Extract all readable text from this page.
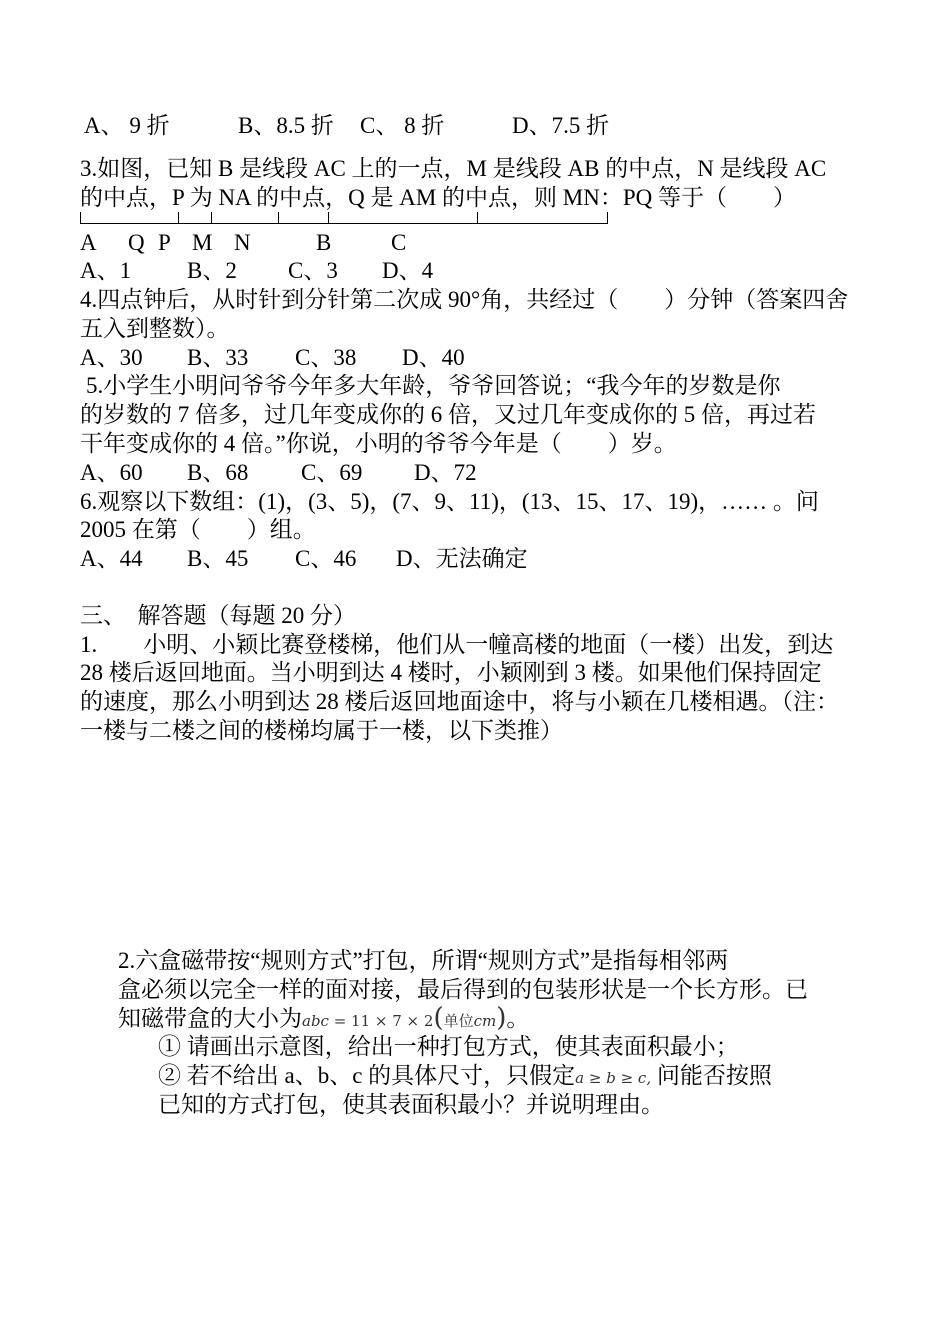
A、 9 折	B、8.5 折 C、 8 折	D、7.5 折
3.如图，已知 B 是线段 AC 上的一点，M 是线段 AB 的中点，N 是线段 AC
的中点，P 为 NA 的中点，Q 是 AM 的中点，则 MN：PQ 等于（　　）
A Q P M N	B	C
A、1 B、2 C、3 D、4
4.四点钟后，从时针到分针第二次成 90°角，共经过（　　）分钟（答案四舍
五入到整数）。
A、30 B、33 C、38 D、40
5.小学生小明问爷爷今年多大年龄，爷爷回答说；“我今年的岁数是你
的岁数的 7 倍多，过几年变成你的 6 倍，又过几年变成你的 5 倍，再过若
干年变成你的 4 倍。”你说，小明的爷爷今年是（　　）岁。
A、60 B、68 C、69 D、72
6.观察以下数组：(1)，(3、5)，(7、9、11)，(13、15、17、19)，…… 。问
2005 在第（　　）组。
A、44 B、45 C、46 D、无法确定
三、　解答题（每题 20 分）
1.　　小明、小颖比赛登楼梯，他们从一幢高楼的地面（一楼）出发，到达
28 楼后返回地面。当小明到达 4 楼时，小颖刚到 3 楼。如果他们保持固定
的速度，那么小明到达 28 楼后返回地面途中，将与小颖在几楼相遇。（注：
一楼与二楼之间的楼梯均属于一楼，以下类推）
2.六盒磁带按“规则方式”打包，所谓“规则方式”是指每相邻两
盒必须以完全一样的面对接，最后得到的包装形状是一个长方形。已
知磁带盒的大小为abc = 11 × 7 × 2(单位cm)。
① 请画出示意图，给出一种打包方式，使其表面积最小；
② 若不给出 a、b、c 的具体尺寸，只假定a ≥ b ≥ c, 问能否按照
已知的方式打包，使其表面积最小？并说明理由。
